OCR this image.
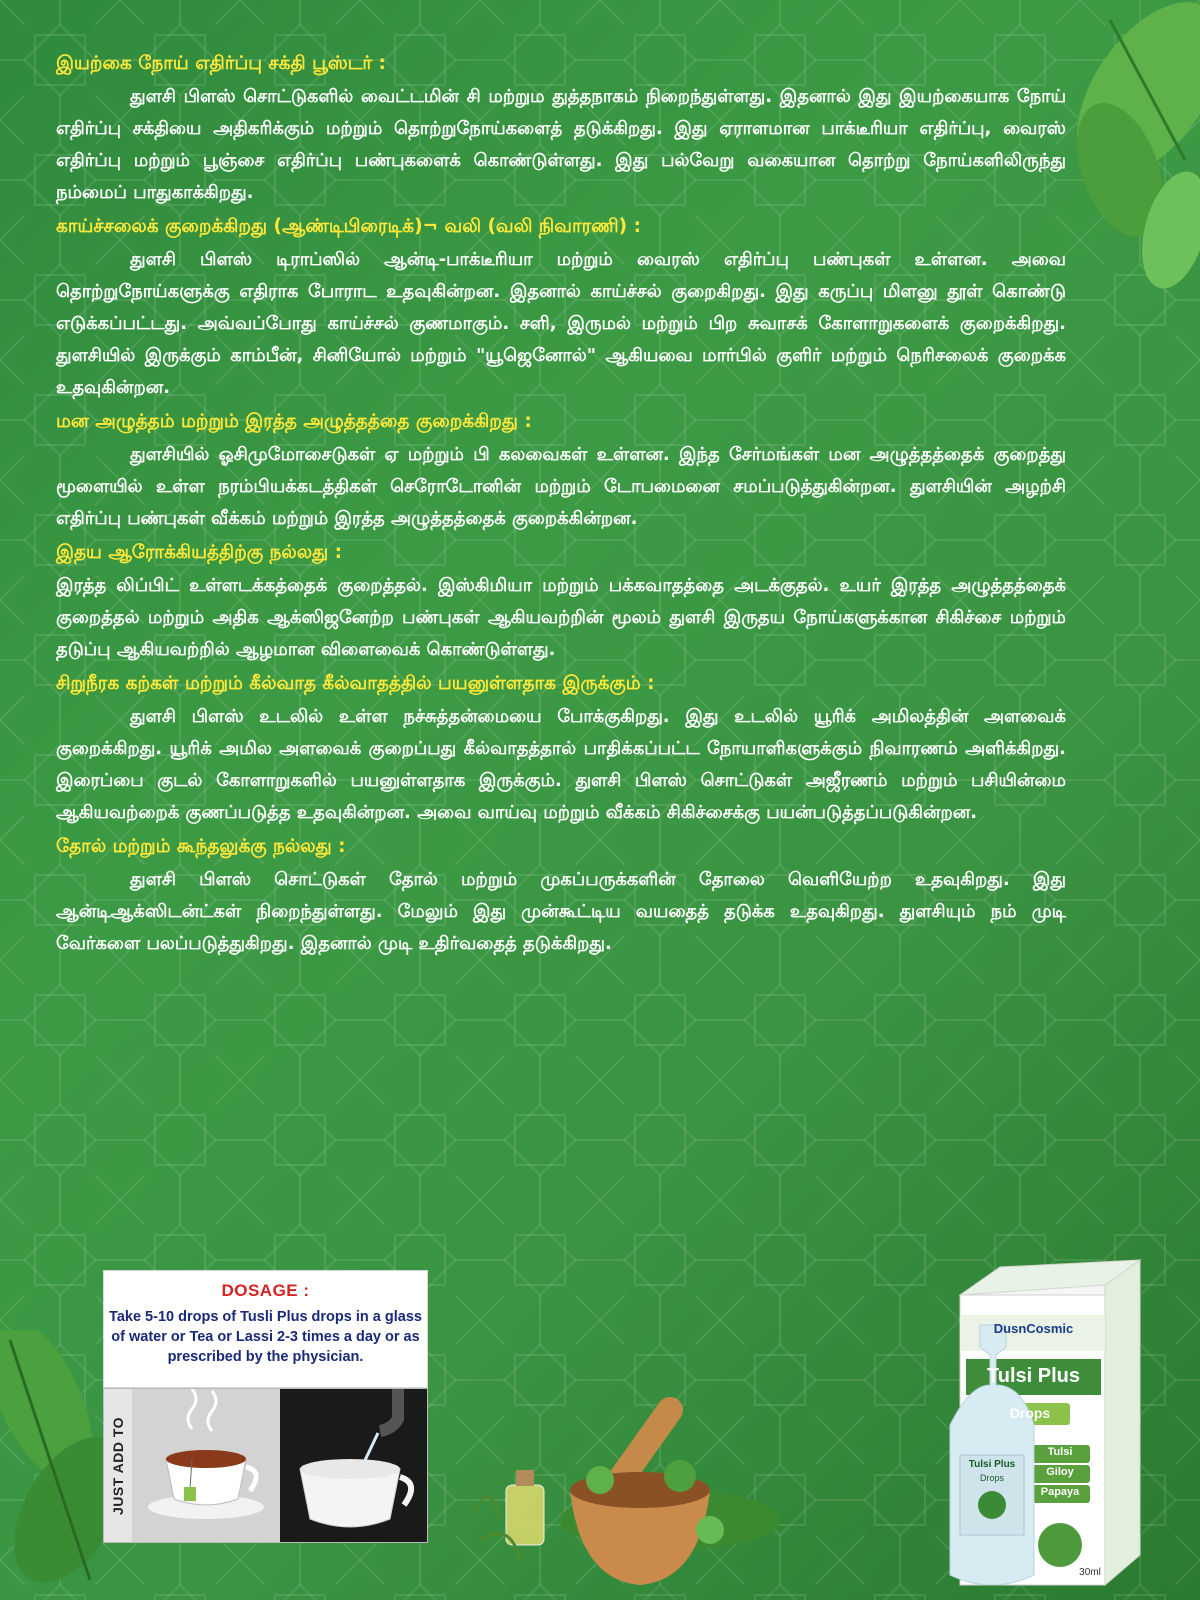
இயற்கை நோய் எதிர்ப்பு சக்தி பூஸ்டர் :

துளசி பிளஸ் சொட்டுகளில் வைட்டமின் சி மற்றும துத்தநாகம் நிறைந்துள்ளது. இதனால் இது இயற்கையாக நோய் எதிர்ப்பு சக்தியை அதிகரிக்கும் மற்றும் தொற்றுநோய்களைத் தடுக்கிறது. இது ஏராளமான பாக்டீரியா எதிர்ப்பு, வைரஸ் எதிர்ப்பு மற்றும் பூஞ்சை எதிர்ப்பு பண்புகளைக் கொண்டுள்ளது. இது பல்வேறு வகையான தொற்று நோய்களிலிருந்து நம்மைப் பாதுகாக்கிறது.

காய்ச்சலைக் குறைக்கிறது (ஆண்டிபிரைடிக்)¬ வலி (வலி நிவாரணி) :

துளசி பிளஸ் டிராப்ஸில் ஆன்டி-பாக்டீரியா மற்றும் வைரஸ் எதிர்ப்பு பண்புகள் உள்ளன. அவை தொற்றுநோய்களுக்கு எதிராக போராட உதவுகின்றன. இதனால் காய்ச்சல் குறைகிறது. இது கருப்பு மிளனு தூள் கொண்டு எடுக்கப்பட்டது. அவ்வப்போது காய்ச்சல் குணமாகும். சளி, இருமல் மற்றும் பிற சுவாசக் கோளாறுகளைக் குறைக்கிறது. துளசியில் இருக்கும் காம்பீன், சினியோல் மற்றும் "யூஜெனோல்" ஆகியவை மார்பில் குளிர் மற்றும் நெரிசலைக் குறைக்க உதவுகின்றன.

மன அழுத்தம் மற்றும் இரத்த அழுத்தத்தை குறைக்கிறது :

துளசியில் ஓசிமுமோசைடுகள் ஏ மற்றும் பி கலவைகள் உள்ளன. இந்த சேர்மங்கள் மன அழுத்தத்தைக் குறைத்து மூளையில் உள்ள நரம்பியக்கடத்திகள் செரோடோனின் மற்றும் டோபமைனை சமப்படுத்துகின்றன. துளசியின் அழற்சி எதிர்ப்பு பண்புகள் வீக்கம் மற்றும் இரத்த அழுத்தத்தைக் குறைக்கின்றன.

இதய ஆரோக்கியத்திற்கு நல்லது :

இரத்த லிப்பிட் உள்ளடக்கத்தைக் குறைத்தல். இஸ்கிமியா மற்றும் பக்கவாதத்தை அடக்குதல். உயர் இரத்த அழுத்தத்தைக் குறைத்தல் மற்றும் அதிக ஆக்ஸிஜனேற்ற பண்புகள் ஆகியவற்றின் மூலம் துளசி இருதய நோய்களுக்கான சிகிச்சை மற்றும் தடுப்பு ஆகியவற்றில் ஆழமான விளைவைக் கொண்டுள்ளது.

சிறுநீரக கற்கள் மற்றும் கீல்வாத கீல்வாதத்தில் பயனுள்ளதாக இருக்கும் :

துளசி பிளஸ் உடலில் உள்ள நச்சுத்தன்மையை போக்குகிறது. இது உடலில் யூரிக் அமிலத்தின் அளவைக் குறைக்கிறது. யூரிக் அமில அளவைக் குறைப்பது கீல்வாதத்தால் பாதிக்கப்பட்ட நோயாளிகளுக்கும் நிவாரணம் அளிக்கிறது. இரைப்பை குடல் கோளாறுகளில் பயனுள்ளதாக இருக்கும். துளசி பிளஸ் சொட்டுகள் அஜீரணம் மற்றும் பசியின்மை ஆகியவற்றைக் குணப்படுத்த உதவுகின்றன. அவை வாய்வு மற்றும் வீக்கம் சிகிச்சைக்கு பயன்படுத்தப்படுகின்றன.

தோல் மற்றும் கூந்தலுக்கு நல்லது :

துளசி பிளஸ் சொட்டுகள் தோல் மற்றும் முகப்பருக்களின் தோலை வெளியேற்ற உதவுகிறது. இது ஆன்டிஆக்ஸிடன்ட்கள் நிறைந்துள்ளது. மேலும் இது முன்கூட்டிய வயதைத் தடுக்க உதவுகிறது. துளசியும் நம் முடி வேர்களை பலப்படுத்துகிறது. இதனால் முடி உதிர்வதைத் தடுக்கிறது.

DOSAGE :
Take 5-10 drops of Tusli Plus drops in a glass of water or Tea or Lassi 2-3 times a day or as prescribed by the physician.
JUST ADD TO
DusnCosmic
Tulsi Plus
Drops
Tulsi
Giloy
Papaya
Tulsi Plus
Drops
30ml
